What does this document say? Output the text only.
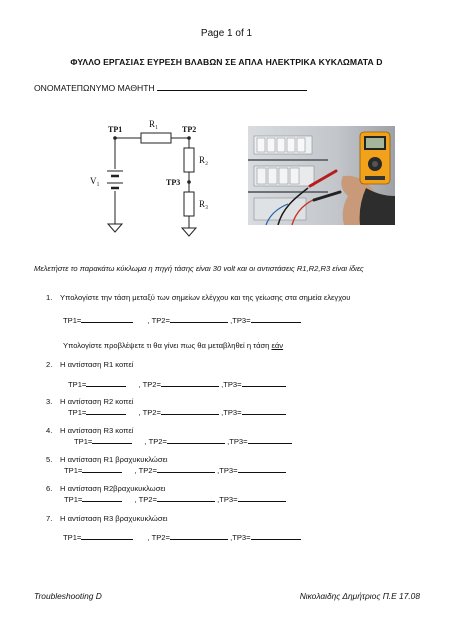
Page 1 of 1
ΦΥΛΛΟ ΕΡΓΑΣΙΑΣ ΕΥΡΕΣΗ ΒΛΑΒΩΝ ΣΕ ΑΠΛΑ ΗΛΕΚΤΡΙΚΑ ΚΥΚΛΩΜΑΤΑ D
ΟΝΟΜΑΤΕΠΩΝΥΜΟ ΜΑΘΗΤΗ
TP1	TP2
TP3
R₁
R₂
R₃
V₁
Μελετήστε το παρακάτω κύκλωμα η πηγή τάσης είναι 30 volt και οι αντιστάσεις R1,R2,R3 είναι ίδιες
1. Υπολογίστε την τάση μεταξύ των σημείων ελέγχου και της γείωσης στα σημεία ελεγχου
TP1=	, TP2=	,TP3=
Υπολογίστε προβλέψετε τι θα γίνει πως θα μεταβληθεί η τάση εάν
2. Η αντίσταση R1 κοπεί
TP1=	, TP2=	,TP3=
3. Η αντίσταση R2 κοπεί
TP1=	, TP2=	,TP3=
4. Η αντίσταση R3 κοπεί
TP1=	, TP2=	,TP3=
5. Η αντίσταση R1 βραχυκυκλώσει
TP1=	, TP2=	,TP3=
6. Η αντίσταση R2βραχυκυκλωσει
TP1=	, TP2=	,TP3=
7. Η αντίσταση R3 βραχυκυκλώσει
TP1=	, TP2=	,TP3=
Troubleshooting D	Νικολαιδης Δημήτριος Π.Ε 17.08
